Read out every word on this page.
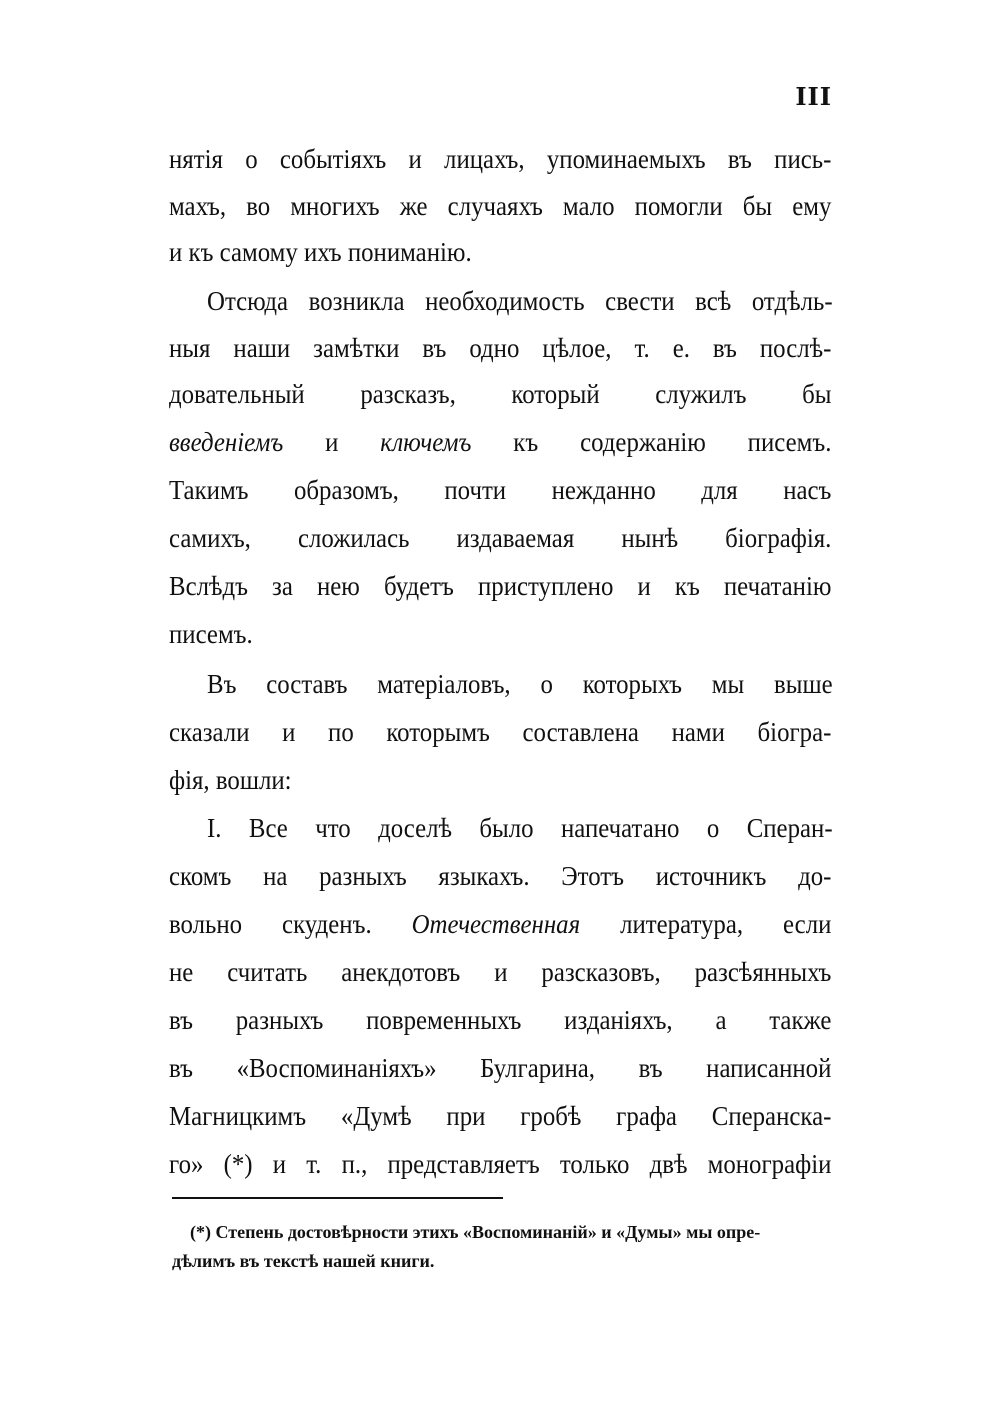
III
нятія о событіяхъ и лицахъ, упоминаемыхъ въ пись-
махъ, во многихъ же случаяхъ мало помогли бы ему
и къ самому ихъ пониманію.
Отсюда возникла необходимость свести всѣ отдѣль-
ныя наши замѣтки въ одно цѣлое, т. е. въ послѣ-
довательный разсказъ, который служилъ бы
введеніемъ и ключемъ къ содержанію писемъ.
Такимъ образомъ, почти нежданно для насъ
самихъ, сложилась издаваемая нынѣ біографія.
Вслѣдъ за нею будетъ приступлено и къ печатанію
писемъ.
Въ составъ матеріаловъ, о которыхъ мы выше
сказали и по которымъ составлена нами біогра-
фія, вошли:
I. Все что доселѣ было напечатано о Сперан-
скомъ на разныхъ языкахъ. Этотъ источникъ до-
вольно скуденъ. Отечественная литература, если
не считать анекдотовъ и разсказовъ, разсѣянныхъ
въ разныхъ повременныхъ изданіяхъ, а также
въ «Воспоминаніяхъ» Булгарина, въ написанной
Магницкимъ «Думѣ при гробѣ графа Сперанска-
го» (*) и т. п., представляетъ только двѣ монографіи
(*) Степень достовѣрности этихъ «Воспоминаній» и «Думы» мы опре-
дѣлимъ въ текстѣ нашей книги.
